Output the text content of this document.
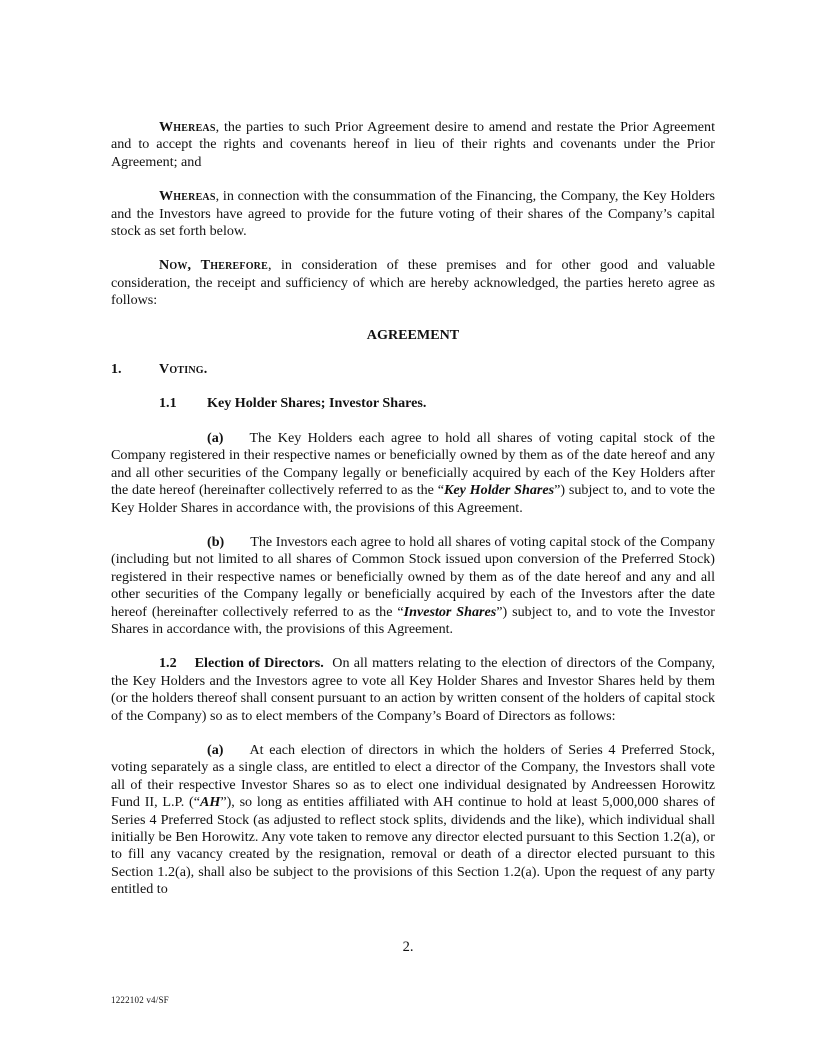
Whereas, the parties to such Prior Agreement desire to amend and restate the Prior Agreement and to accept the rights and covenants hereof in lieu of their rights and covenants under the Prior Agreement; and

Whereas, in connection with the consummation of the Financing, the Company, the Key Holders and the Investors have agreed to provide for the future voting of their shares of the Company’s capital stock as set forth below.

Now, Therefore, in consideration of these premises and for other good and valuable consideration, the receipt and sufficiency of which are hereby acknowledged, the parties hereto agree as follows:

AGREEMENT
1.	Voting.
1.1	Key Holder Shares; Investor Shares.

(a) The Key Holders each agree to hold all shares of voting capital stock of the Company registered in their respective names or beneficially owned by them as of the date hereof and any and all other securities of the Company legally or beneficially acquired by each of the Key Holders after the date hereof (hereinafter collectively referred to as the “Key Holder Shares”) subject to, and to vote the Key Holder Shares in accordance with, the provisions of this Agreement.

(b) The Investors each agree to hold all shares of voting capital stock of the Company (including but not limited to all shares of Common Stock issued upon conversion of the Preferred Stock) registered in their respective names or beneficially owned by them as of the date hereof and any and all other securities of the Company legally or beneficially acquired by each of the Investors after the date hereof (hereinafter collectively referred to as the “Investor Shares”) subject to, and to vote the Investor Shares in accordance with, the provisions of this Agreement.

1.2 Election of Directors. On all matters relating to the election of directors of the Company, the Key Holders and the Investors agree to vote all Key Holder Shares and Investor Shares held by them (or the holders thereof shall consent pursuant to an action by written consent of the holders of capital stock of the Company) so as to elect members of the Company’s Board of Directors as follows:

(a) At each election of directors in which the holders of Series 4 Preferred Stock, voting separately as a single class, are entitled to elect a director of the Company, the Investors shall vote all of their respective Investor Shares so as to elect one individual designated by Andreessen Horowitz Fund II, L.P. (“AH”), so long as entities affiliated with AH continue to hold at least 5,000,000 shares of Series 4 Preferred Stock (as adjusted to reflect stock splits, dividends and the like), which individual shall initially be Ben Horowitz. Any vote taken to remove any director elected pursuant to this Section 1.2(a), or to fill any vacancy created by the resignation, removal or death of a director elected pursuant to this Section 1.2(a), shall also be subject to the provisions of this Section 1.2(a). Upon the request of any party entitled to

2.
1222102 v4/SF
